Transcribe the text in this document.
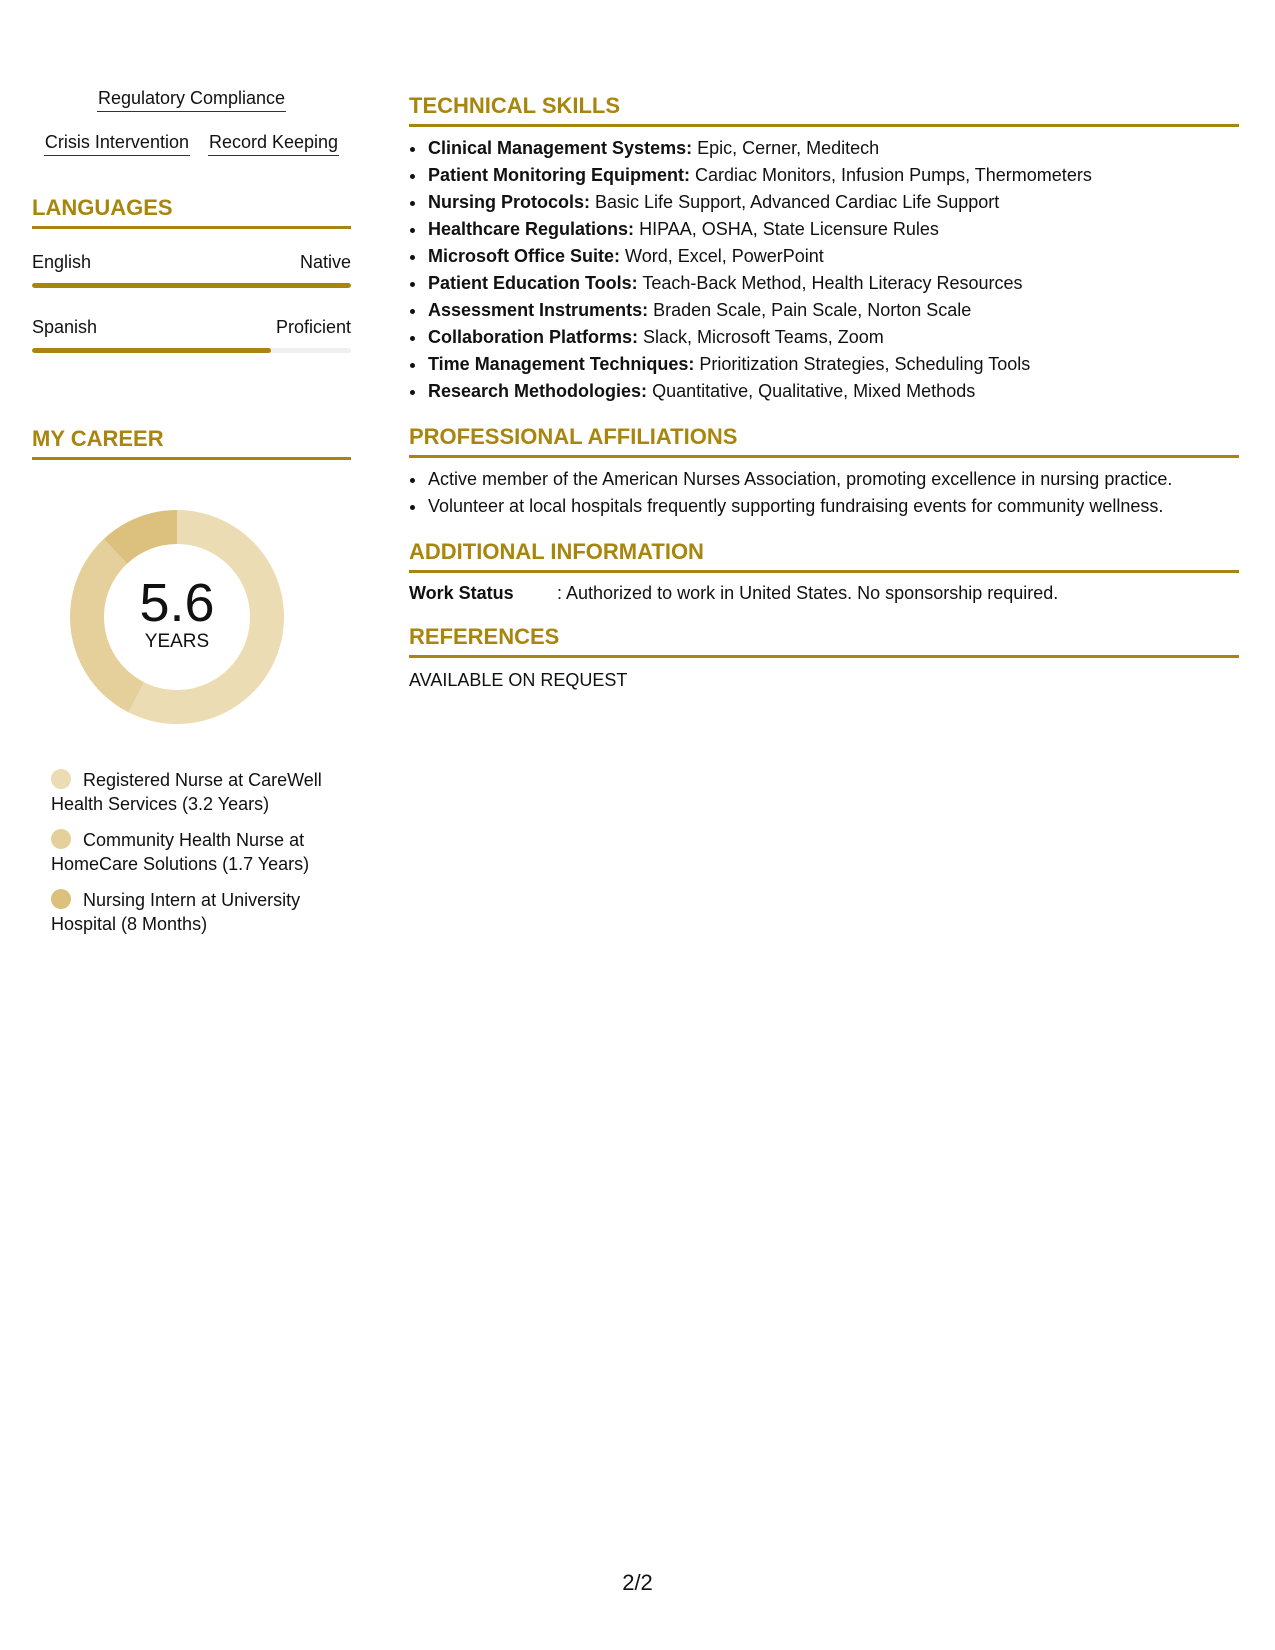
Regulatory Compliance
Crisis Intervention Record Keeping
LANGUAGES
English	Native
Spanish	Proficient
MY CAREER
5.6
YEARS
Registered Nurse at CareWell Health Services (3.2 Years)
Community Health Nurse at HomeCare Solutions (1.7 Years)
Nursing Intern at University Hospital (8 Months)
TECHNICAL SKILLS
• Clinical Management Systems: Epic, Cerner, Meditech
• Patient Monitoring Equipment: Cardiac Monitors, Infusion Pumps, Thermometers
• Nursing Protocols: Basic Life Support, Advanced Cardiac Life Support
• Healthcare Regulations: HIPAA, OSHA, State Licensure Rules
• Microsoft Office Suite: Word, Excel, PowerPoint
• Patient Education Tools: Teach-Back Method, Health Literacy Resources
• Assessment Instruments: Braden Scale, Pain Scale, Norton Scale
• Collaboration Platforms: Slack, Microsoft Teams, Zoom
• Time Management Techniques: Prioritization Strategies, Scheduling Tools
• Research Methodologies: Quantitative, Qualitative, Mixed Methods
PROFESSIONAL AFFILIATIONS
• Active member of the American Nurses Association, promoting excellence in nursing practice.
• Volunteer at local hospitals frequently supporting fundraising events for community wellness.
ADDITIONAL INFORMATION
Work Status	: Authorized to work in United States. No sponsorship required.
REFERENCES
AVAILABLE ON REQUEST
2/2
